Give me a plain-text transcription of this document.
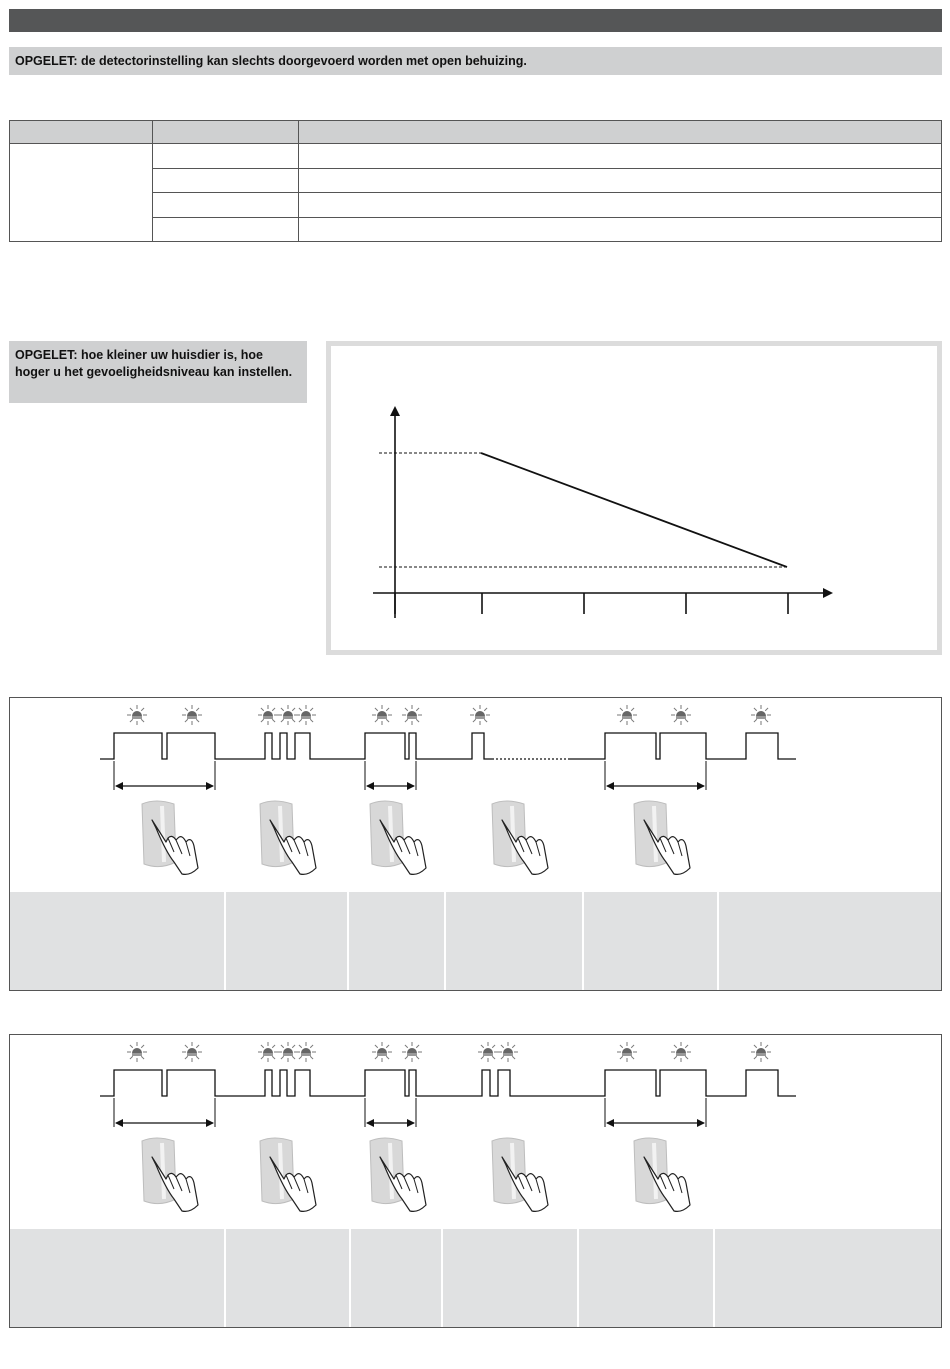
OPGELET: de detectorinstelling kan slechts doorgevoerd worden met open behuizing.

OPGELET: hoe kleiner uw huisdier is, hoe hoger u het gevoeligheidsniveau kan instellen.
